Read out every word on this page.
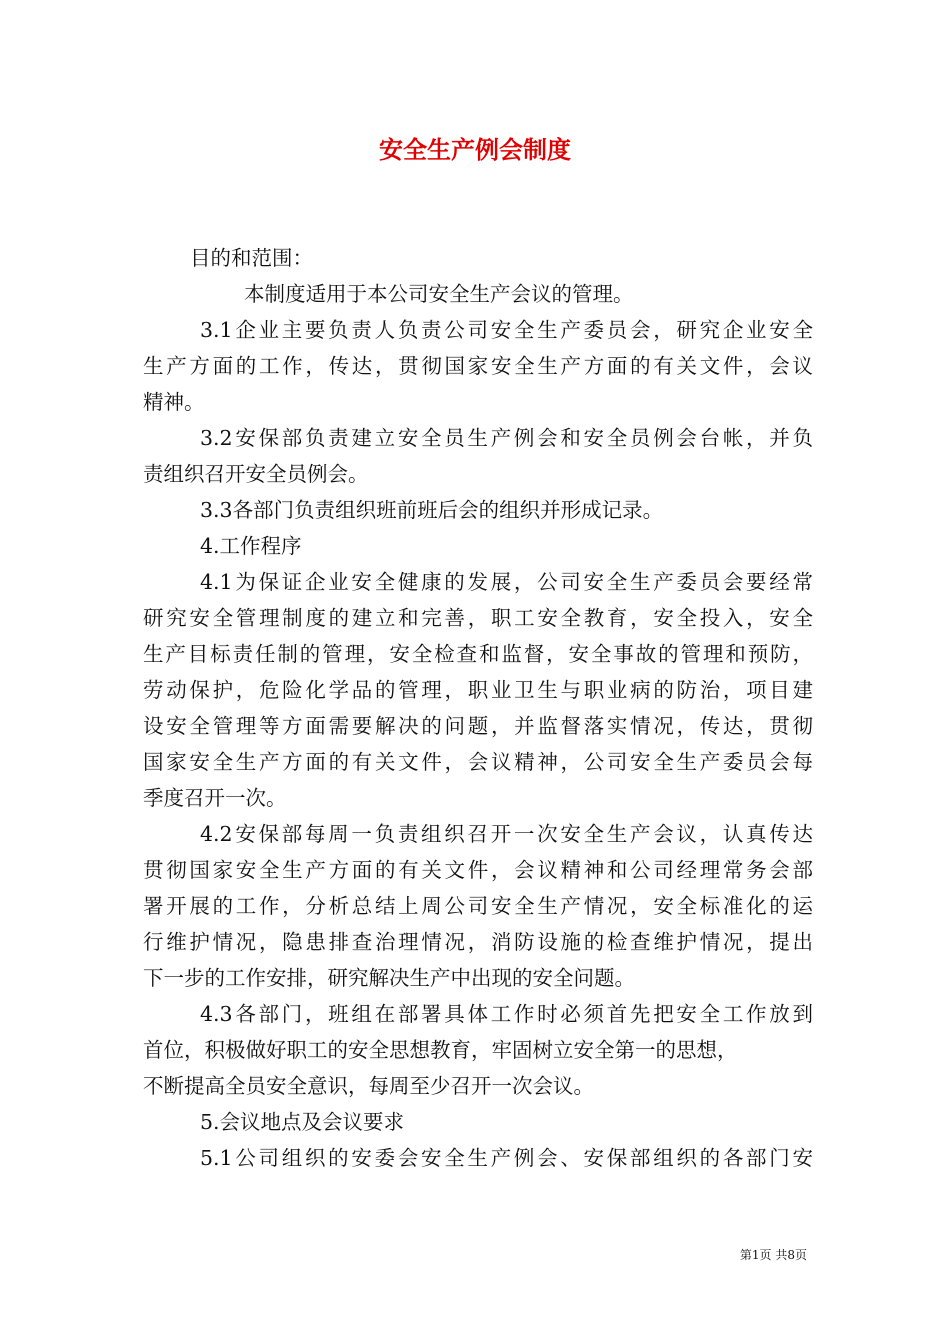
安全生产例会制度
目的和范围：
本制度适用于本公司安全生产会议的管理。
3.1企业主要负责人负责公司安全生产委员会，研究企业安全
生产方面的工作，传达，贯彻国家安全生产方面的有关文件，会议
精神。
3.2安保部负责建立安全员生产例会和安全员例会台帐，并负
责组织召开安全员例会。
3.3各部门负责组织班前班后会的组织并形成记录。
4.工作程序
4.1为保证企业安全健康的发展，公司安全生产委员会要经常
研究安全管理制度的建立和完善，职工安全教育，安全投入，安全
生产目标责任制的管理，安全检查和监督，安全事故的管理和预防，
劳动保护，危险化学品的管理，职业卫生与职业病的防治，项目建
设安全管理等方面需要解决的问题，并监督落实情况，传达，贯彻
国家安全生产方面的有关文件，会议精神，公司安全生产委员会每
季度召开一次。
4.2安保部每周一负责组织召开一次安全生产会议，认真传达
贯彻国家安全生产方面的有关文件，会议精神和公司经理常务会部
署开展的工作，分析总结上周公司安全生产情况，安全标准化的运
行维护情况，隐患排查治理情况，消防设施的检查维护情况，提出
下一步的工作安排，研究解决生产中出现的安全问题。
4.3各部门，班组在部署具体工作时必须首先把安全工作放到
首位，积极做好职工的安全思想教育，牢固树立安全第一的思想，
不断提高全员安全意识，每周至少召开一次会议。
5.会议地点及会议要求
5.1公司组织的安委会安全生产例会、安保部组织的各部门安
第1页 共8页
